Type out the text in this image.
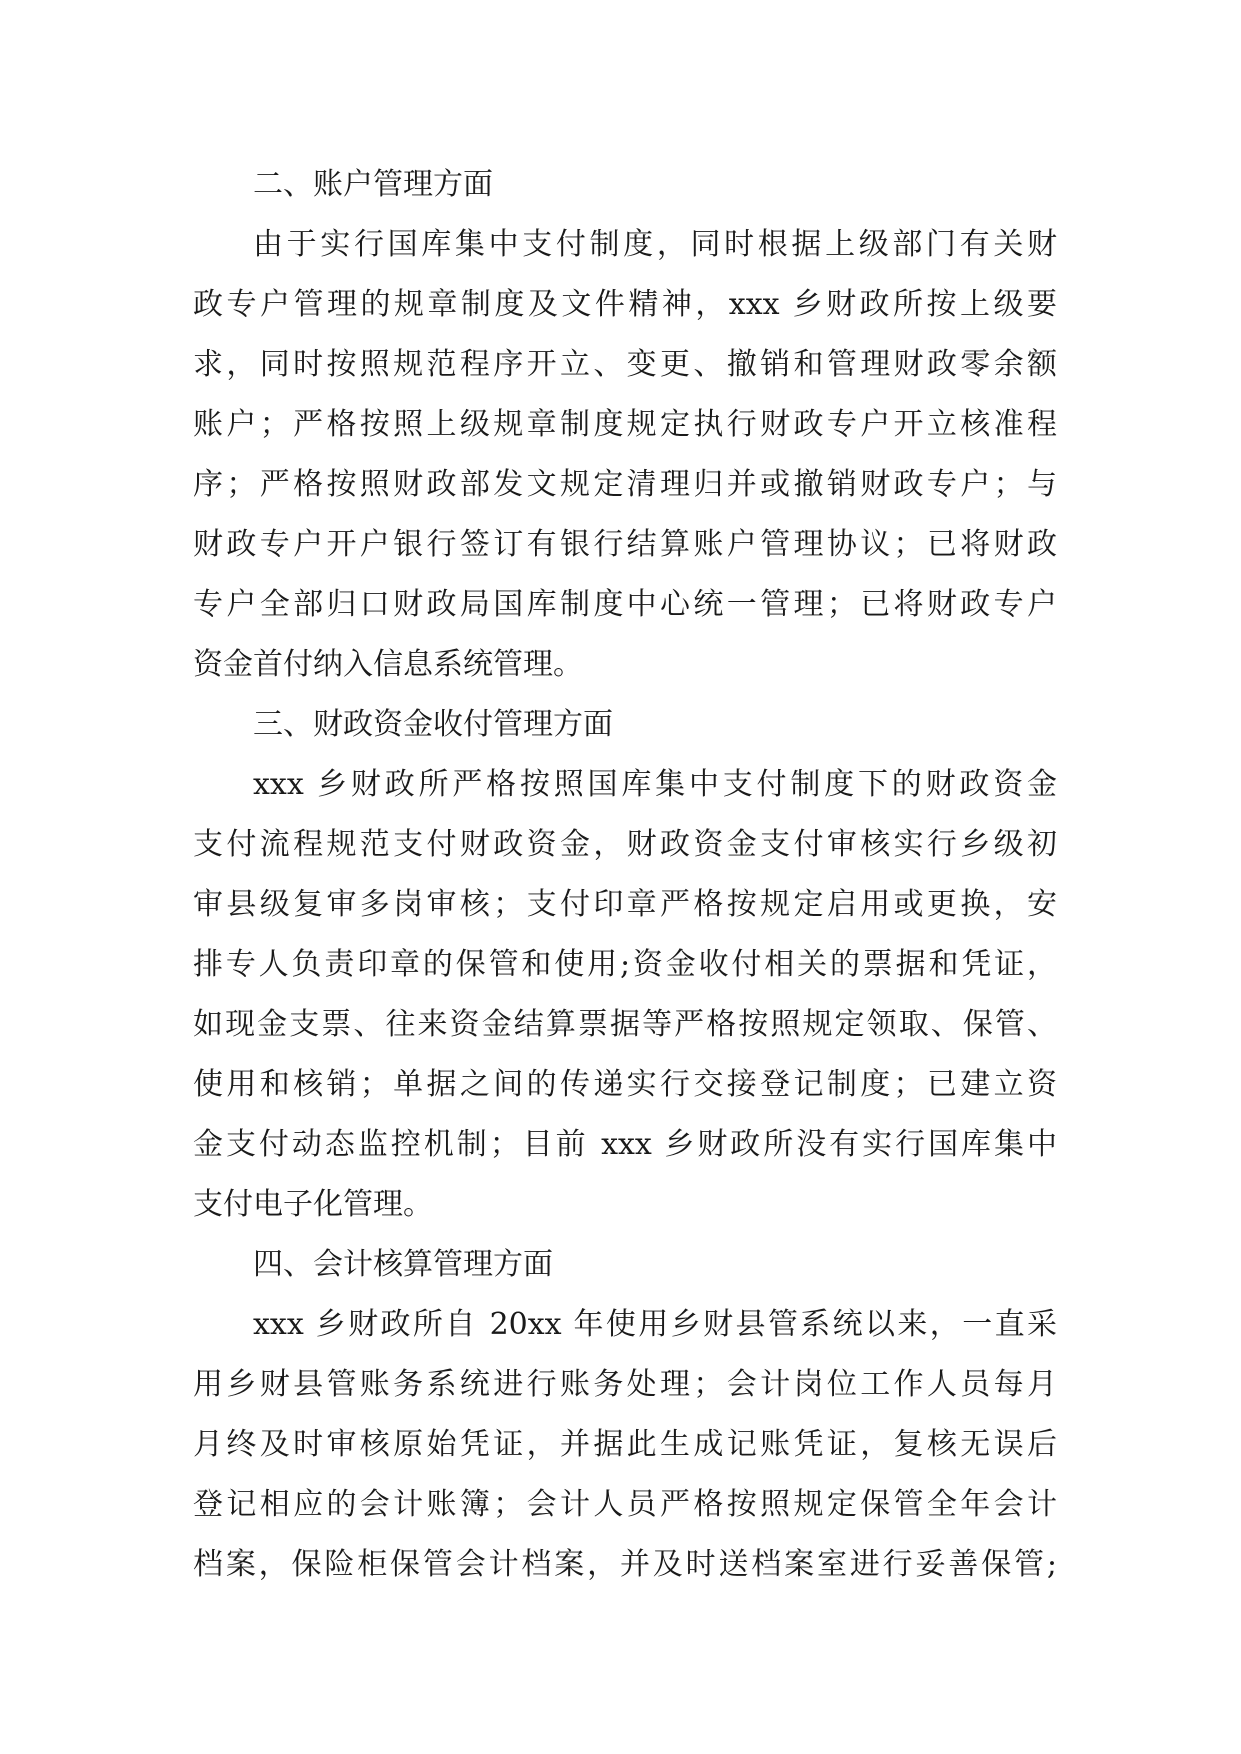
二、账户管理方面
由于实行国库集中支付制度，同时根据上级部门有关财
政专户管理的规章制度及文件精神，xxx 乡财政所按上级要
求，同时按照规范程序开立、变更、撤销和管理财政零余额
账户；严格按照上级规章制度规定执行财政专户开立核准程
序；严格按照财政部发文规定清理归并或撤销财政专户；与
财政专户开户银行签订有银行结算账户管理协议；已将财政
专户全部归口财政局国库制度中心统一管理；已将财政专户
资金首付纳入信息系统管理。
三、财政资金收付管理方面
xxx 乡财政所严格按照国库集中支付制度下的财政资金
支付流程规范支付财政资金，财政资金支付审核实行乡级初
审县级复审多岗审核；支付印章严格按规定启用或更换，安
排专人负责印章的保管和使用;资金收付相关的票据和凭证，
如现金支票、往来资金结算票据等严格按照规定领取、保管、
使用和核销；单据之间的传递实行交接登记制度；已建立资
金支付动态监控机制；目前 xxx 乡财政所没有实行国库集中
支付电子化管理。
四、会计核算管理方面
xxx 乡财政所自 20xx 年使用乡财县管系统以来，一直采
用乡财县管账务系统进行账务处理；会计岗位工作人员每月
月终及时审核原始凭证，并据此生成记账凭证，复核无误后
登记相应的会计账簿；会计人员严格按照规定保管全年会计
档案，保险柜保管会计档案，并及时送档案室进行妥善保管;
